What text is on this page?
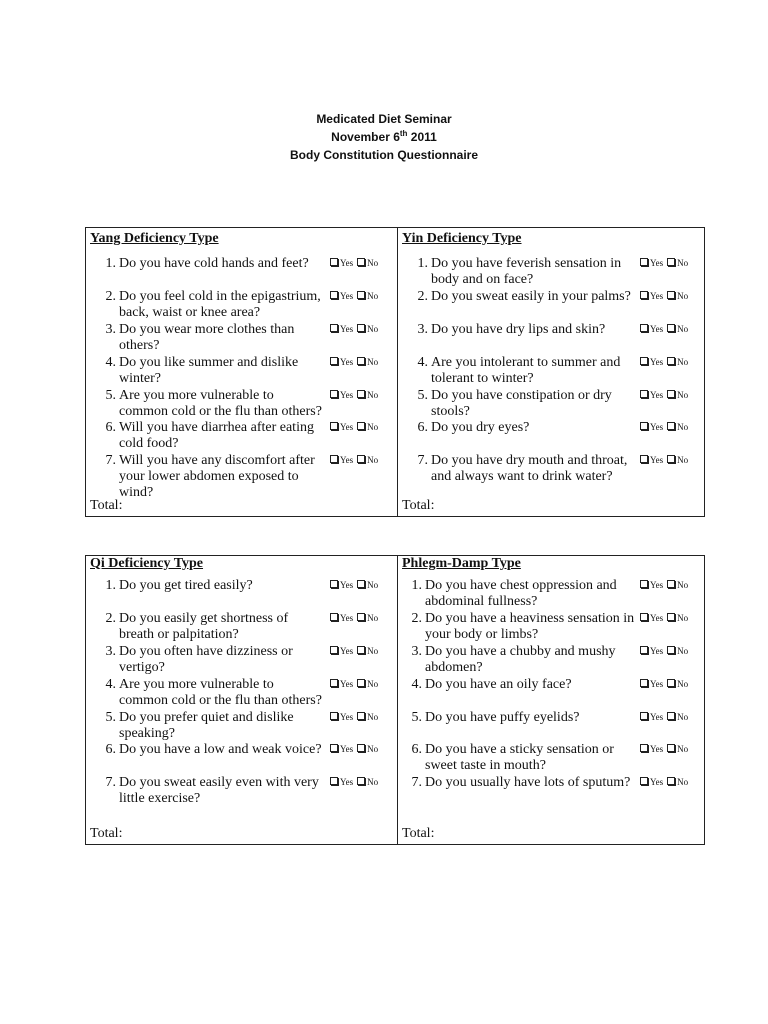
Medicated Diet Seminar
November 6th 2011
Body Constitution Questionnaire
Yang Deficiency Type
1. Do you have cold hands and feet?	Yes No
2. Do you feel cold in the epigastrium,
back, waist or knee area?
Yes No
3. Do you wear more clothes than
others?
Yes No
4. Do you like summer and dislike
winter?
Yes No
5. Are you more vulnerable to
common cold or the flu than others?
Yes No
6. Will you have diarrhea after eating
cold food?
Yes No
7. Will you have any discomfort after
your lower abdomen exposed to
wind?
Yes No
Total:
Yin Deficiency Type
1. Do you have feverish sensation in
body and on face?
Yes No
2. Do you sweat easily in your palms?	Yes No
3. Do you have dry lips and skin?	Yes No
4. Are you intolerant to summer and
tolerant to winter?
Yes No
5. Do you have constipation or dry
stools?
Yes No
6. Do you dry eyes?	Yes No
7. Do you have dry mouth and throat,
and always want to drink water?
Yes No
Total:
Qi Deficiency Type
1. Do you get tired easily?	Yes No
2. Do you easily get shortness of
breath or palpitation?
Yes No
3. Do you often have dizziness or
vertigo?
Yes No
4. Are you more vulnerable to
common cold or the flu than others?
Yes No
5. Do you prefer quiet and dislike
speaking?
Yes No
6. Do you have a low and weak voice?	Yes No
7. Do you sweat easily even with very
little exercise?
Yes No
Total:
Phlegm-Damp Type
1. Do you have chest oppression and
abdominal fullness?
Yes No
2. Do you have a heaviness sensation in
your body or limbs?
Yes No
3. Do you have a chubby and mushy
abdomen?
Yes No
4. Do you have an oily face?	Yes No
5. Do you have puffy eyelids?	Yes No
6. Do you have a sticky sensation or
sweet taste in mouth?
Yes No
7. Do you usually have lots of sputum?	Yes No
Total:
